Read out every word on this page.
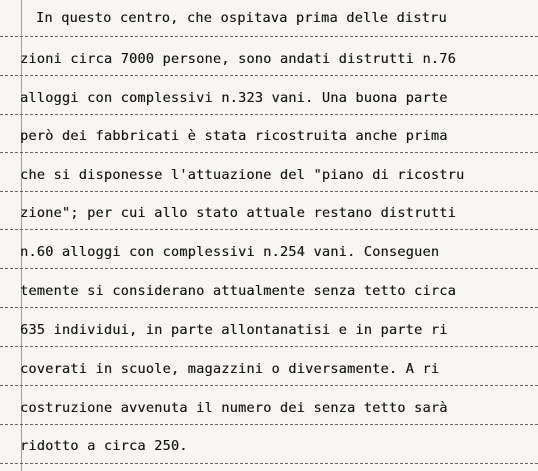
In questo centro, che ospitava prima delle distru
zioni circa 7000 persone, sono andati distrutti n.76
alloggi con complessivi n.323 vani. Una buona parte
però dei fabbricati è stata ricostruita anche prima
che si disponesse l'attuazione del "piano di ricostru
zione"; per cui allo stato attuale restano distrutti
n.60 alloggi con complessivi n.254 vani. Conseguen
temente si considerano attualmente senza tetto circa
635 individui, in parte allontanatisi e in parte ri
coverati in scuole, magazzini o diversamente. A ri
costruzione avvenuta il numero dei senza tetto sarà
ridotto a circa 250.
